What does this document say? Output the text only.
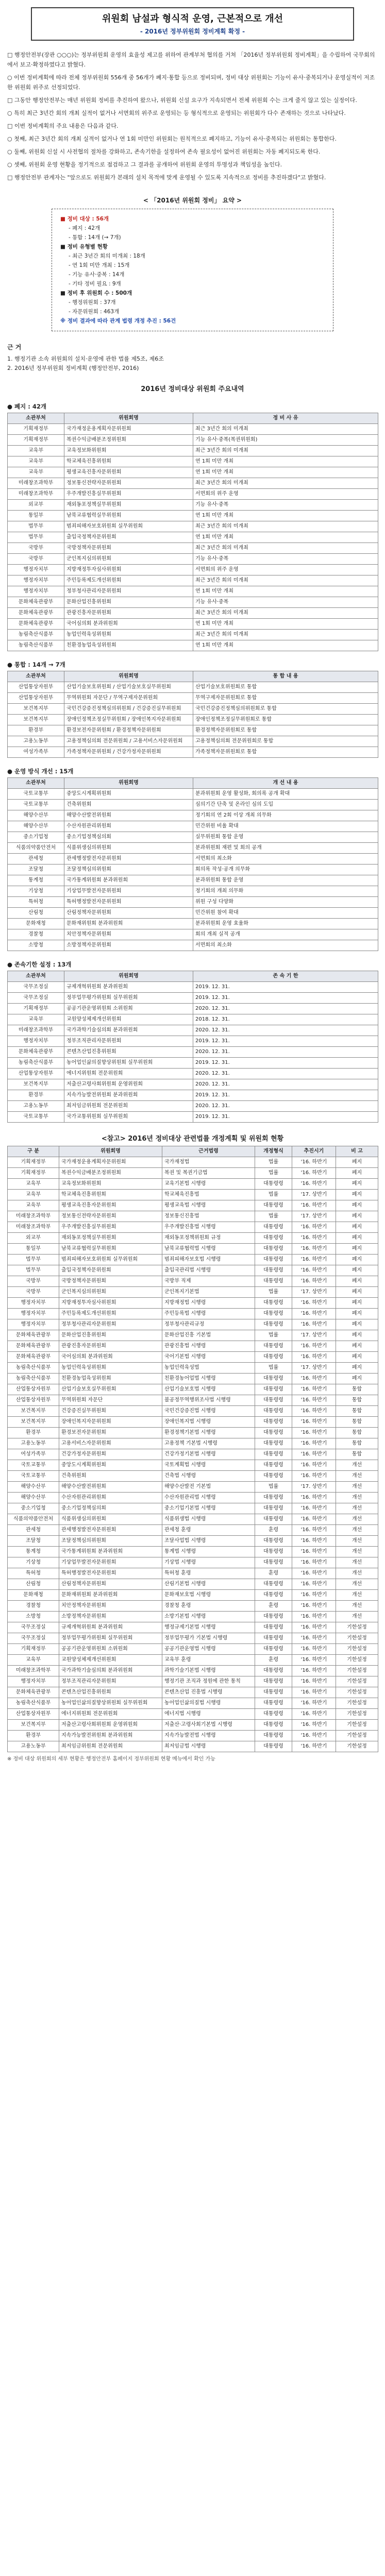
위원회 남설과 형식적 운영, 근본적으로 개선
- 2016년 정부위원회 정비계획 확정 -

□ 행정안전부(장관 ○○○)는 정부위원회 운영의 효율성 제고를 위하여 관계부처 협의를 거쳐 「2016년 정부위원회 정비계획」을 수립하여 국무회의에서 보고·확정하였다고 밝혔다.

○ 이번 정비계획에 따라 전체 정부위원회 556개 중 56개가 폐지·통합 등으로 정비되며, 정비 대상 위원회는 기능이 유사·중복되거나 운영실적이 저조한 위원회 위주로 선정되었다.

□ 그동안 행정안전부는 매년 위원회 정비를 추진하여 왔으나, 위원회 신설 요구가 지속되면서 전체 위원회 수는 크게 줄지 않고 있는 실정이다.

○ 특히 최근 3년간 회의 개최 실적이 없거나 서면회의 위주로 운영되는 등 형식적으로 운영되는 위원회가 다수 존재하는 것으로 나타났다.

□ 이번 정비계획의 주요 내용은 다음과 같다.

○ 첫째, 최근 3년간 회의 개최 실적이 없거나 연 1회 미만인 위원회는 원칙적으로 폐지하고, 기능이 유사·중복되는 위원회는 통합한다.

○ 둘째, 위원회 신설 시 사전협의 절차를 강화하고, 존속기한을 설정하여 존속 필요성이 없어진 위원회는 자동 폐지되도록 한다.

○ 셋째, 위원회 운영 현황을 정기적으로 점검하고 그 결과를 공개하여 위원회 운영의 투명성과 책임성을 높인다.

□ 행정안전부 관계자는 "앞으로도 위원회가 본래의 설치 목적에 맞게 운영될 수 있도록 지속적으로 정비를 추진하겠다"고 밝혔다.

< 「2016년 위원회 정비」 요약 >
■ 정비 대상 : 56개
- 폐지 : 42개
- 통합 : 14개 (→ 7개)
■ 정비 유형별 현황
- 최근 3년간 회의 미개최 : 18개
- 연 1회 미만 개최 : 15개
- 기능 유사·중복 : 14개
- 기타 정비 필요 : 9개
■ 정비 후 위원회 수 : 500개
- 행정위원회 : 37개
- 자문위원회 : 463개
※ 정비 결과에 따라 관계 법령 개정 추진 : 56건
근 거
1. 행정기관 소속 위원회의 설치·운영에 관한 법률 제5조, 제6조
2. 2016년 정부위원회 정비계획 (행정안전부, 2016)
2016년 정비대상 위원회 주요내역
● 폐지 : 42개
소관부처	위원회명	정 비 사 유
기획재정부	국가재정운용계획자문위원회	최근 3년간 회의 미개최
기획재정부	복권수익금배분조정위원회	기능 유사·중복(복권위원회)
교육부	교육정보화위원회	최근 3년간 회의 미개최
교육부	학교체육진흥위원회	연 1회 미만 개최
교육부	평생교육진흥자문위원회	연 1회 미만 개최
미래창조과학부	정보통신전략자문위원회	최근 3년간 회의 미개최
미래창조과학부	우주개발진흥실무위원회	서면회의 위주 운영
외교부	재외동포정책실무위원회	기능 유사·중복
통일부	남북교류협력실무위원회	연 1회 미만 개최
법무부	범죄피해자보호위원회 실무위원회	최근 3년간 회의 미개최
법무부	출입국정책자문위원회	연 1회 미만 개최
국방부	국방정책자문위원회	최근 3년간 회의 미개최
국방부	군인복지심의위원회	기능 유사·중복
행정자치부	지방재정투자심사위원회	서면회의 위주 운영
행정자치부	주민등록제도개선위원회	최근 3년간 회의 미개최
행정자치부	정부청사관리자문위원회	연 1회 미만 개최
문화체육관광부	문화산업진흥위원회	기능 유사·중복
문화체육관광부	관광진흥자문위원회	최근 3년간 회의 미개최
문화체육관광부	국어심의회 분과위원회	연 1회 미만 개최
농림축산식품부	농업인력육성위원회	최근 3년간 회의 미개최
농림축산식품부	친환경농업육성위원회	연 1회 미만 개최
● 통합 : 14개 → 7개
소관부처	위원회명	통 합 내 용
산업통상자원부	산업기술보호위원회 / 산업기술보호실무위원회	산업기술보호위원회로 통합
산업통상자원부	무역위원회 자문단 / 무역구제자문위원회	무역구제자문위원회로 통합
보건복지부	국민건강증진정책심의위원회 / 건강증진실무위원회	국민건강증진정책심의위원회로 통합
보건복지부	장애인정책조정실무위원회 / 장애인복지자문위원회	장애인정책조정실무위원회로 통합
환경부	환경보전자문위원회 / 환경정책자문위원회	환경정책자문위원회로 통합
고용노동부	고용정책심의회 전문위원회 / 고용서비스자문위원회	고용정책심의회 전문위원회로 통합
여성가족부	가족정책자문위원회 / 건강가정자문위원회	가족정책자문위원회로 통합
● 운영 방식 개선 : 15개
소관부처	위원회명	개 선 내 용
국토교통부	중앙도시계획위원회	분과위원회 운영 활성화, 회의록 공개 확대
국토교통부	건축위원회	심의기간 단축 및 온라인 심의 도입
해양수산부	해양수산발전위원회	정기회의 연 2회 이상 개최 의무화
해양수산부	수산자원관리위원회	민간위원 비율 확대
중소기업청	중소기업정책심의회	실무위원회 통합 운영
식품의약품안전처	식품위생심의위원회	분과위원회 재편 및 회의 공개
관세청	관세행정발전자문위원회	서면회의 최소화
조달청	조달정책심의위원회	회의록 작성·공개 의무화
통계청	국가통계위원회 분과위원회	분과위원회 통합 운영
기상청	기상업무발전자문위원회	정기회의 개최 의무화
특허청	특허행정발전자문위원회	위원 구성 다양화
산림청	산림정책자문위원회	민간위원 참여 확대
문화재청	문화재위원회 분과위원회	분과위원회 운영 효율화
경찰청	치안정책자문위원회	회의 개최 실적 공개
소방청	소방정책자문위원회	서면회의 최소화
● 존속기한 설정 : 13개
소관부처	위원회명	존 속 기 한
국무조정실	규제개혁위원회 분과위원회	2019. 12. 31.
국무조정실	정부업무평가위원회 실무위원회	2019. 12. 31.
기획재정부	공공기관운영위원회 소위원회	2020. 12. 31.
교육부	교원양성체제개선위원회	2018. 12. 31.
미래창조과학부	국가과학기술심의회 분과위원회	2020. 12. 31.
행정자치부	정부조직관리자문위원회	2019. 12. 31.
문화체육관광부	콘텐츠산업진흥위원회	2020. 12. 31.
농림축산식품부	농어업인삶의질향상위원회 실무위원회	2019. 12. 31.
산업통상자원부	에너지위원회 전문위원회	2020. 12. 31.
보건복지부	저출산고령사회위원회 운영위원회	2020. 12. 31.
환경부	지속가능발전위원회 분과위원회	2019. 12. 31.
고용노동부	최저임금위원회 전문위원회	2020. 12. 31.
국토교통부	국가교통위원회 실무위원회	2019. 12. 31.
<참고> 2016년 정비대상 관련법률 개정계획 및 위원회 현황
구 분	위원회명	근거법령	개정형식	추진시기	비 고
기획재정부	국가재정운용계획자문위원회	국가재정법	법률	'16. 하반기	폐지
기획재정부	복권수익금배분조정위원회	복권 및 복권기금법	법률	'16. 하반기	폐지
교육부	교육정보화위원회	교육기본법 시행령	대통령령	'16. 하반기	폐지
교육부	학교체육진흥위원회	학교체육진흥법	법률	'17. 상반기	폐지
교육부	평생교육진흥자문위원회	평생교육법 시행령	대통령령	'16. 하반기	폐지
미래창조과학부	정보통신전략자문위원회	정보통신진흥법	법률	'17. 상반기	폐지
미래창조과학부	우주개발진흥실무위원회	우주개발진흥법 시행령	대통령령	'16. 하반기	폐지
외교부	재외동포정책실무위원회	재외동포정책위원회 규정	대통령령	'16. 하반기	폐지
통일부	남북교류협력실무위원회	남북교류협력법 시행령	대통령령	'16. 하반기	폐지
법무부	범죄피해자보호위원회 실무위원회	범죄피해자보호법 시행령	대통령령	'16. 하반기	폐지
법무부	출입국정책자문위원회	출입국관리법 시행령	대통령령	'16. 하반기	폐지
국방부	국방정책자문위원회	국방부 직제	대통령령	'16. 하반기	폐지
국방부	군인복지심의위원회	군인복지기본법	법률	'17. 상반기	폐지
행정자치부	지방재정투자심사위원회	지방재정법 시행령	대통령령	'16. 하반기	폐지
행정자치부	주민등록제도개선위원회	주민등록법 시행령	대통령령	'16. 하반기	폐지
행정자치부	정부청사관리자문위원회	정부청사관리규정	대통령령	'16. 하반기	폐지
문화체육관광부	문화산업진흥위원회	문화산업진흥 기본법	법률	'17. 상반기	폐지
문화체육관광부	관광진흥자문위원회	관광진흥법 시행령	대통령령	'16. 하반기	폐지
문화체육관광부	국어심의회 분과위원회	국어기본법 시행령	대통령령	'16. 하반기	폐지
농림축산식품부	농업인력육성위원회	농업인력육성법	법률	'17. 상반기	폐지
농림축산식품부	친환경농업육성위원회	친환경농어업법 시행령	대통령령	'16. 하반기	폐지
산업통상자원부	산업기술보호실무위원회	산업기술보호법 시행령	대통령령	'16. 하반기	통합
산업통상자원부	무역위원회 자문단	불공정무역행위조사법 시행령	대통령령	'16. 하반기	통합
보건복지부	건강증진실무위원회	국민건강증진법 시행령	대통령령	'16. 하반기	통합
보건복지부	장애인복지자문위원회	장애인복지법 시행령	대통령령	'16. 하반기	통합
환경부	환경보전자문위원회	환경정책기본법 시행령	대통령령	'16. 하반기	통합
고용노동부	고용서비스자문위원회	고용정책 기본법 시행령	대통령령	'16. 하반기	통합
여성가족부	건강가정자문위원회	건강가정기본법 시행령	대통령령	'16. 하반기	통합
국토교통부	중앙도시계획위원회	국토계획법 시행령	대통령령	'16. 하반기	개선
국토교통부	건축위원회	건축법 시행령	대통령령	'16. 하반기	개선
해양수산부	해양수산발전위원회	해양수산발전 기본법	법률	'17. 상반기	개선
해양수산부	수산자원관리위원회	수산자원관리법 시행령	대통령령	'16. 하반기	개선
중소기업청	중소기업정책심의회	중소기업기본법 시행령	대통령령	'16. 하반기	개선
식품의약품안전처	식품위생심의위원회	식품위생법 시행령	대통령령	'16. 하반기	개선
관세청	관세행정발전자문위원회	관세청 훈령	훈령	'16. 하반기	개선
조달청	조달정책심의위원회	조달사업법 시행령	대통령령	'16. 하반기	개선
통계청	국가통계위원회 분과위원회	통계법 시행령	대통령령	'16. 하반기	개선
기상청	기상업무발전자문위원회	기상법 시행령	대통령령	'16. 하반기	개선
특허청	특허행정발전자문위원회	특허청 훈령	훈령	'16. 하반기	개선
산림청	산림정책자문위원회	산림기본법 시행령	대통령령	'16. 하반기	개선
문화재청	문화재위원회 분과위원회	문화재보호법 시행령	대통령령	'16. 하반기	개선
경찰청	치안정책자문위원회	경찰청 훈령	훈령	'16. 하반기	개선
소방청	소방정책자문위원회	소방기본법 시행령	대통령령	'16. 하반기	개선
국무조정실	규제개혁위원회 분과위원회	행정규제기본법 시행령	대통령령	'16. 하반기	기한설정
국무조정실	정부업무평가위원회 실무위원회	정부업무평가 기본법 시행령	대통령령	'16. 하반기	기한설정
기획재정부	공공기관운영위원회 소위원회	공공기관운영법 시행령	대통령령	'16. 하반기	기한설정
교육부	교원양성체제개선위원회	교육부 훈령	훈령	'16. 하반기	기한설정
미래창조과학부	국가과학기술심의회 분과위원회	과학기술기본법 시행령	대통령령	'16. 하반기	기한설정
행정자치부	정부조직관리자문위원회	행정기관 조직과 정원에 관한 통칙	대통령령	'16. 하반기	기한설정
문화체육관광부	콘텐츠산업진흥위원회	콘텐츠산업 진흥법 시행령	대통령령	'16. 하반기	기한설정
농림축산식품부	농어업인삶의질향상위원회 실무위원회	농어업인삶의질법 시행령	대통령령	'16. 하반기	기한설정
산업통상자원부	에너지위원회 전문위원회	에너지법 시행령	대통령령	'16. 하반기	기한설정
보건복지부	저출산고령사회위원회 운영위원회	저출산·고령사회기본법 시행령	대통령령	'16. 하반기	기한설정
환경부	지속가능발전위원회 분과위원회	지속가능발전법 시행령	대통령령	'16. 하반기	기한설정
고용노동부	최저임금위원회 전문위원회	최저임금법 시행령	대통령령	'16. 하반기	기한설정
※ 정비 대상 위원회의 세부 현황은 행정안전부 홈페이지 정부위원회 현황 메뉴에서 확인 가능
